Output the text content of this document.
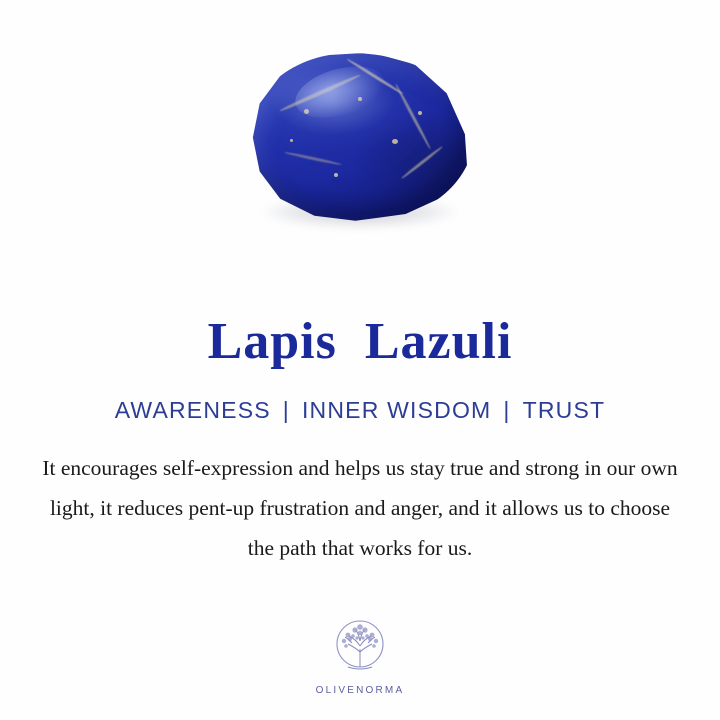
Lapis  Lazuli
AWARENESS | INNER WISDOM | TRUST
It encourages self-expression and helps us stay true and strong in our own light, it reduces pent-up frustration and anger, and it allows us to choose the path that works for us.
OLIVENORMA
